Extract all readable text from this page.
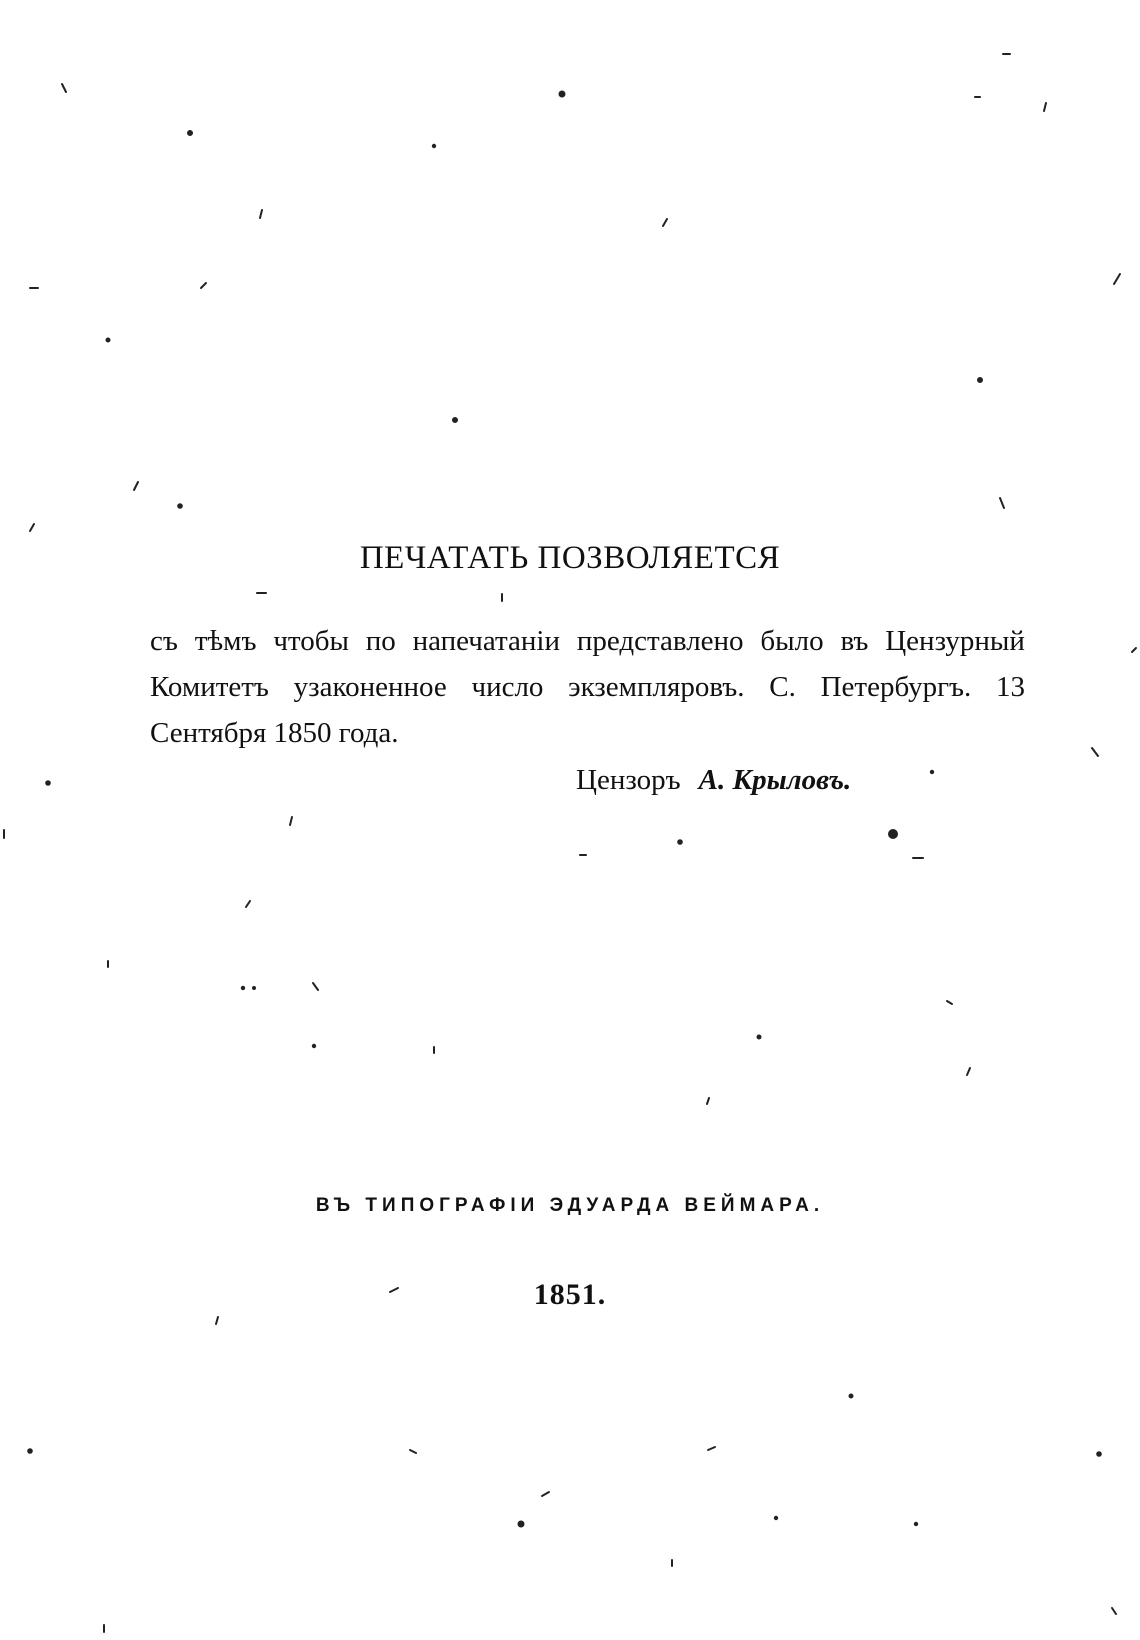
ПЕЧАТАТЬ ПОЗВОЛЯЕТСЯ
съ тѣмъ чтобы по напечатаніи представлено было въ Цензурный
Комитетъ узаконенное число экземпляровъ. С. Петербургъ. 13
Сентября 1850 года.
Цензоръ А. Крыловъ.
ВЪ ТИПОГРАФІИ ЭДУАРДА ВЕЙМАРА.
1851.
